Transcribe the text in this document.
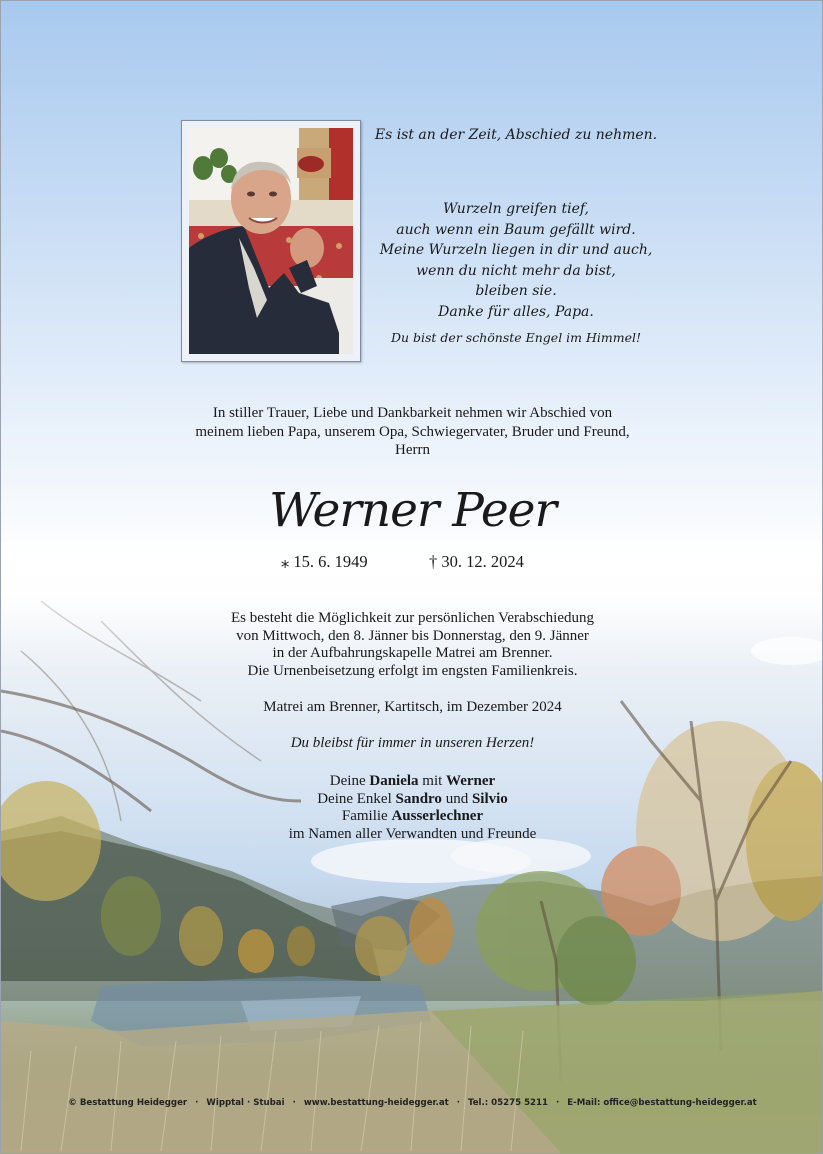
Es ist an der Zeit, Abschied zu nehmen.
Wurzeln greifen tief,
auch wenn ein Baum gefällt wird.
Meine Wurzeln liegen in dir und auch,
wenn du nicht mehr da bist,
bleiben sie.
Danke für alles, Papa.
Du bist der schönste Engel im Himmel!
In stiller Trauer, Liebe und Dankbarkeit nehmen wir Abschied von
meinem lieben Papa, unserem Opa, Schwiegervater, Bruder und Freund,
Herrn
Werner Peer
⁎ 15. 6. 1949	† 30. 12. 2024
Es besteht die Möglichkeit zur persönlichen Verabschiedung
von Mittwoch, den 8. Jänner bis Donnerstag, den 9. Jänner
in der Aufbahrungskapelle Matrei am Brenner.
Die Urnenbeisetzung erfolgt im engsten Familienkreis.
Matrei am Brenner, Kartitsch, im Dezember 2024
Du bleibst für immer in unseren Herzen!
Deine Daniela mit Werner
Deine Enkel Sandro und Silvio
Familie Ausserlechner
im Namen aller Verwandten und Freunde
© Bestattung Heidegger · Wipptal · Stubai · www.bestattung-heidegger.at · Tel.: 05275 5211 · E-Mail: office@bestattung-heidegger.at
